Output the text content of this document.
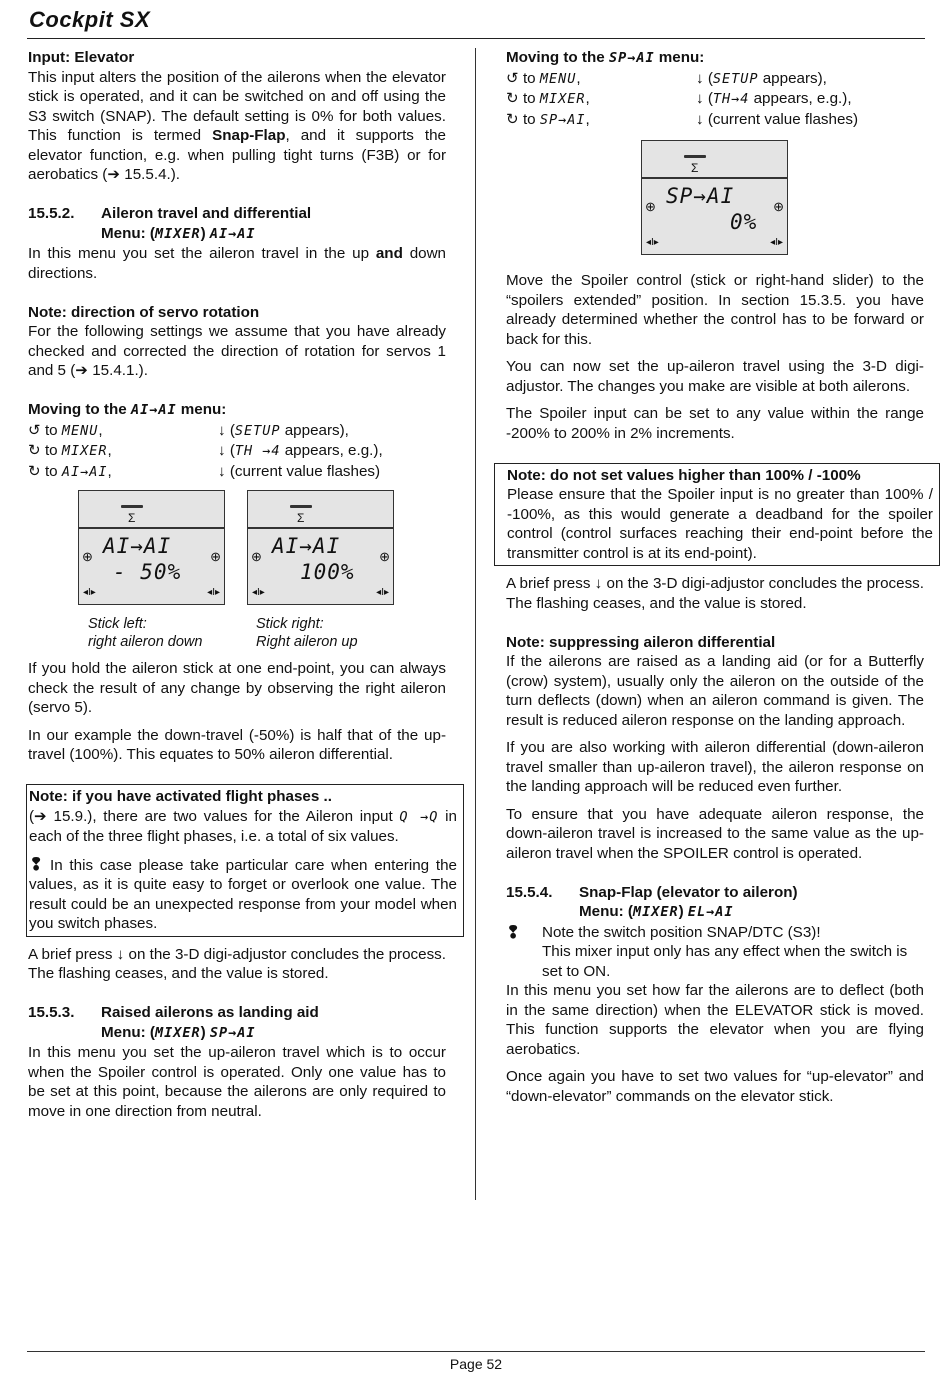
Cockpit SX

Input: Elevator

This input alters the position of the ailerons when the elevator stick is operated, and it can be switched on and off using the S3 switch (SNAP). The default setting is 0% for both values. This function is termed Snap-Flap, and it supports the elevator function, e.g. when pulling tight turns (F3B) or for aerobatics (➔ 15.5.4.).

15.5.2.	Aileron travel and differential
Menu: (MIXER) AI→AI

In this menu you set the aileron travel in the up and down directions.

Note: direction of servo rotation

For the following settings we assume that you have already checked and corrected the direction of rotation for servos 1 and 5 (➔ 15.4.1.).

Moving to the AI→AI menu:

↺ to MENU,	↓ (SETUP appears),
↻ to MIXER,	↓ (TH →4 appears, e.g.),
↻ to AI→AI,	↓ (current value flashes)
Σ
AI→AI
- 50%
⊕	⊕
◂I▸	◂I▸
Σ
AI→AI
100%
⊕	⊕
◂I▸	◂I▸
Stick left:
right aileron down
Stick right:
Right aileron up

If you hold the aileron stick at one end-point, you can always check the result of any change by observing the right aileron (servo 5).

In our example the down-travel (-50%) is half that of the up-travel (100%). This equates to 50% aileron differential.

Note: if you have activated flight phases ..

(➔ 15.9.), there are two values for the Aileron input Q →Q in each of the three flight phases, i.e. a total of six values.

❢ In this case please take particular care when entering the values, as it is quite easy to forget or overlook one value. The result could be an unexpected response from your model when you switch phases.

A brief press ↓ on the 3-D digi-adjustor concludes the process. The flashing ceases, and the value is stored.

15.5.3.	Raised ailerons as landing aid
Menu: (MIXER) SP→AI

In this menu you set the up-aileron travel which is to occur when the Spoiler control is operated. Only one value has to be set at this point, because the ailerons are only required to move in one direction from neutral.

Moving to the SP→AI menu:

↺ to MENU,	↓ (SETUP appears),
↻ to MIXER,	↓ (TH→4 appears, e.g.),
↻ to SP→AI,	↓ (current value flashes)
Σ
SP→AI
0%
⊕	⊕
◂I▸	◂I▸

Move the Spoiler control (stick or right-hand slider) to the “spoilers extended” position. In section 15.3.5. you have already determined whether the control has to be forward or back for this.

You can now set the up-aileron travel using the 3-D digi-adjustor. The changes you make are visible at both ailerons.

The Spoiler input can be set to any value within the range -200% to 200% in 2% increments.

Note: do not set values higher than 100% / -100%

Please ensure that the Spoiler input is no greater than 100% / -100%, as this would generate a deadband for the spoiler control (control surfaces reaching their end-point before the transmitter control is at its end-point).

A brief press ↓ on the 3-D digi-adjustor concludes the process. The flashing ceases, and the value is stored.

Note: suppressing aileron differential

If the ailerons are raised as a landing aid (or for a Butterfly (crow) system), usually only the aileron on the outside of the turn deflects (down) when an aileron command is given. The result is reduced aileron response on the landing approach.

If you are also working with aileron differential (down-aileron travel smaller than up-aileron travel), the aileron response on the landing approach will be reduced even further.

To ensure that you have adequate aileron response, the down-aileron travel is increased to the same value as the up-aileron travel when the SPOILER control is operated.

15.5.4.	Snap-Flap (elevator to aileron)
Menu: (MIXER) EL→AI
❢	Note the switch position SNAP/DTC (S3)!
This mixer input only has any effect when the switch is set to ON.

In this menu you set how far the ailerons are to deflect (both in the same direction) when the ELEVATOR stick is moved. This function supports the elevator when you are flying aerobatics.

Once again you have to set two values for “up-elevator” and “down-elevator” commands on the elevator stick.

Page 52
